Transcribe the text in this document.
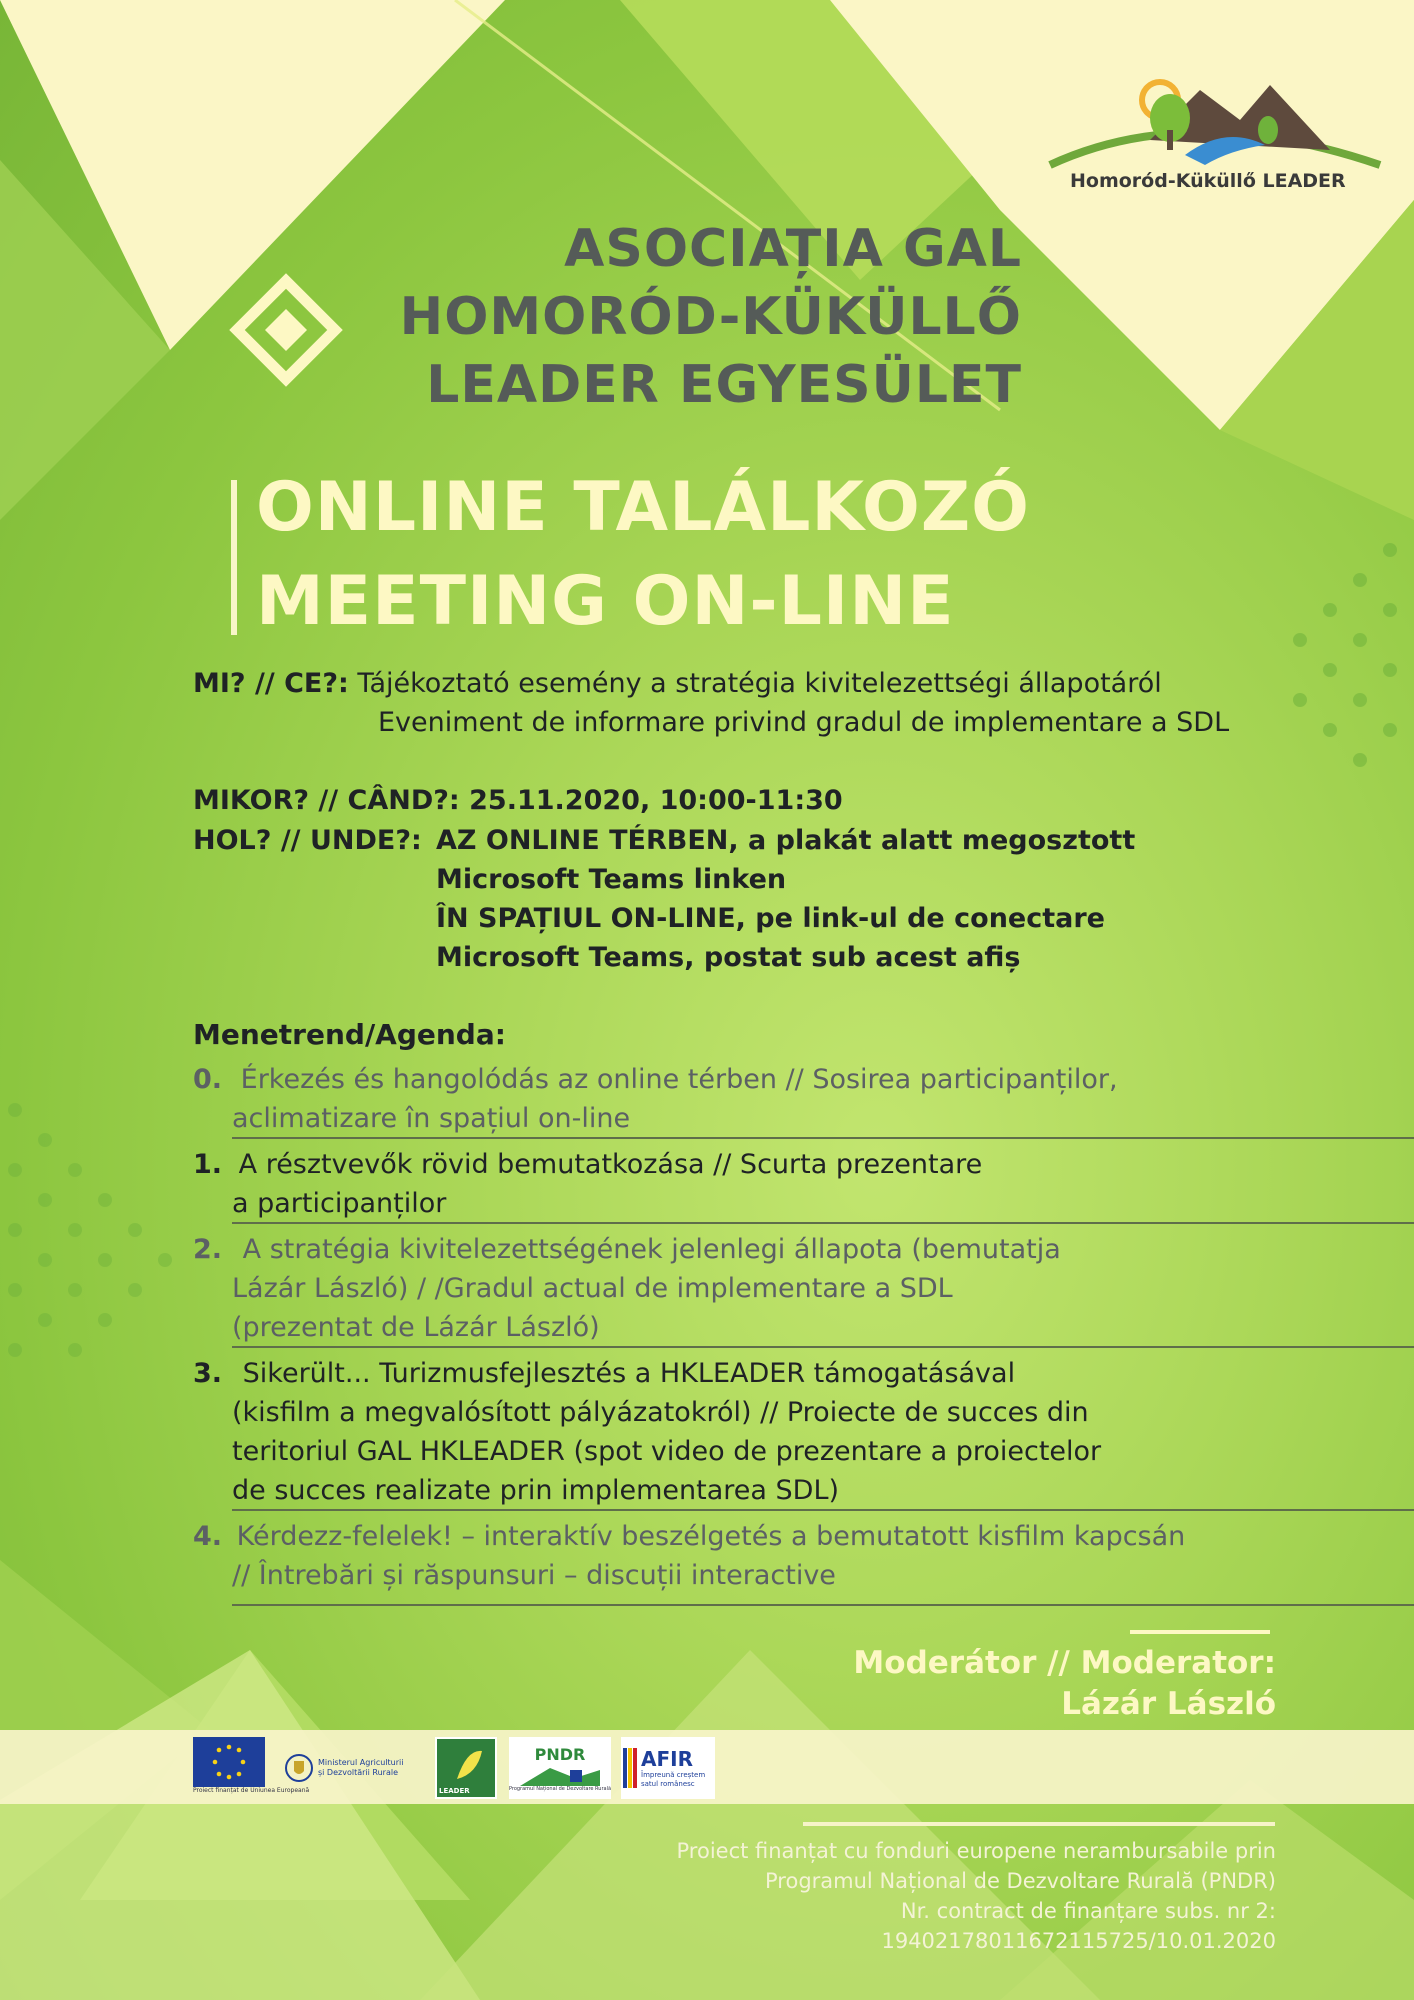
Homoród-Küküllő LEADER
ASOCIAȚIA GAL
HOMORÓD-KÜKÜLLŐ
LEADER EGYESÜLET
ONLINE TALÁLKOZÓ
MEETING ON-LINE
MI? // CE?: Tájékoztató esemény a stratégia kivitelezettségi állapotáról
Eveniment de informare privind gradul de implementare a SDL
MIKOR? // CÂND?: 25.11.2020, 10:00-11:30
HOL? // UNDE?: AZ ONLINE TÉRBEN, a plakát alatt megosztott
Microsoft Teams linken
ÎN SPAȚIUL ON-LINE, pe link-ul de conectare
Microsoft Teams, postat sub acest afiș
Menetrend/Agenda:
0. Érkezés és hangolódás az online térben // Sosirea participanților,
aclimatizare în spațiul on-line
1. A résztvevők rövid bemutatkozása // Scurta prezentare
a participanților
2. A stratégia kivitelezettségének jelenlegi állapota (bemutatja
Lázár László) / /Gradul actual de implementare a SDL
(prezentat de Lázár László)
3. Sikerült... Turizmusfejlesztés a HKLEADER támogatásával
(kisfilm a megvalósított pályázatokról) // Proiecte de succes din
teritoriul GAL HKLEADER (spot video de prezentare a proiectelor
de succes realizate prin implementarea SDL)
4. Kérdezz-felelek! – interaktív beszélgetés a bemutatott kisfilm kapcsán
// Întrebări și răspunsuri – discuții interactive
Moderátor // Moderator:
Lázár László
Proiect finanțat de Uniunea Europeană
Ministerul Agriculturii și Dezvoltării Rurale
LEADER
PNDR
Programul Național de Dezvoltare Rurală
AFIR
Împreună creștem satul românesc
Proiect finanțat cu fonduri europene nerambursabile prin
Programul Național de Dezvoltare Rurală (PNDR)
Nr. contract de finanțare subs. nr 2:
19402178011672115725/10.01.2020
